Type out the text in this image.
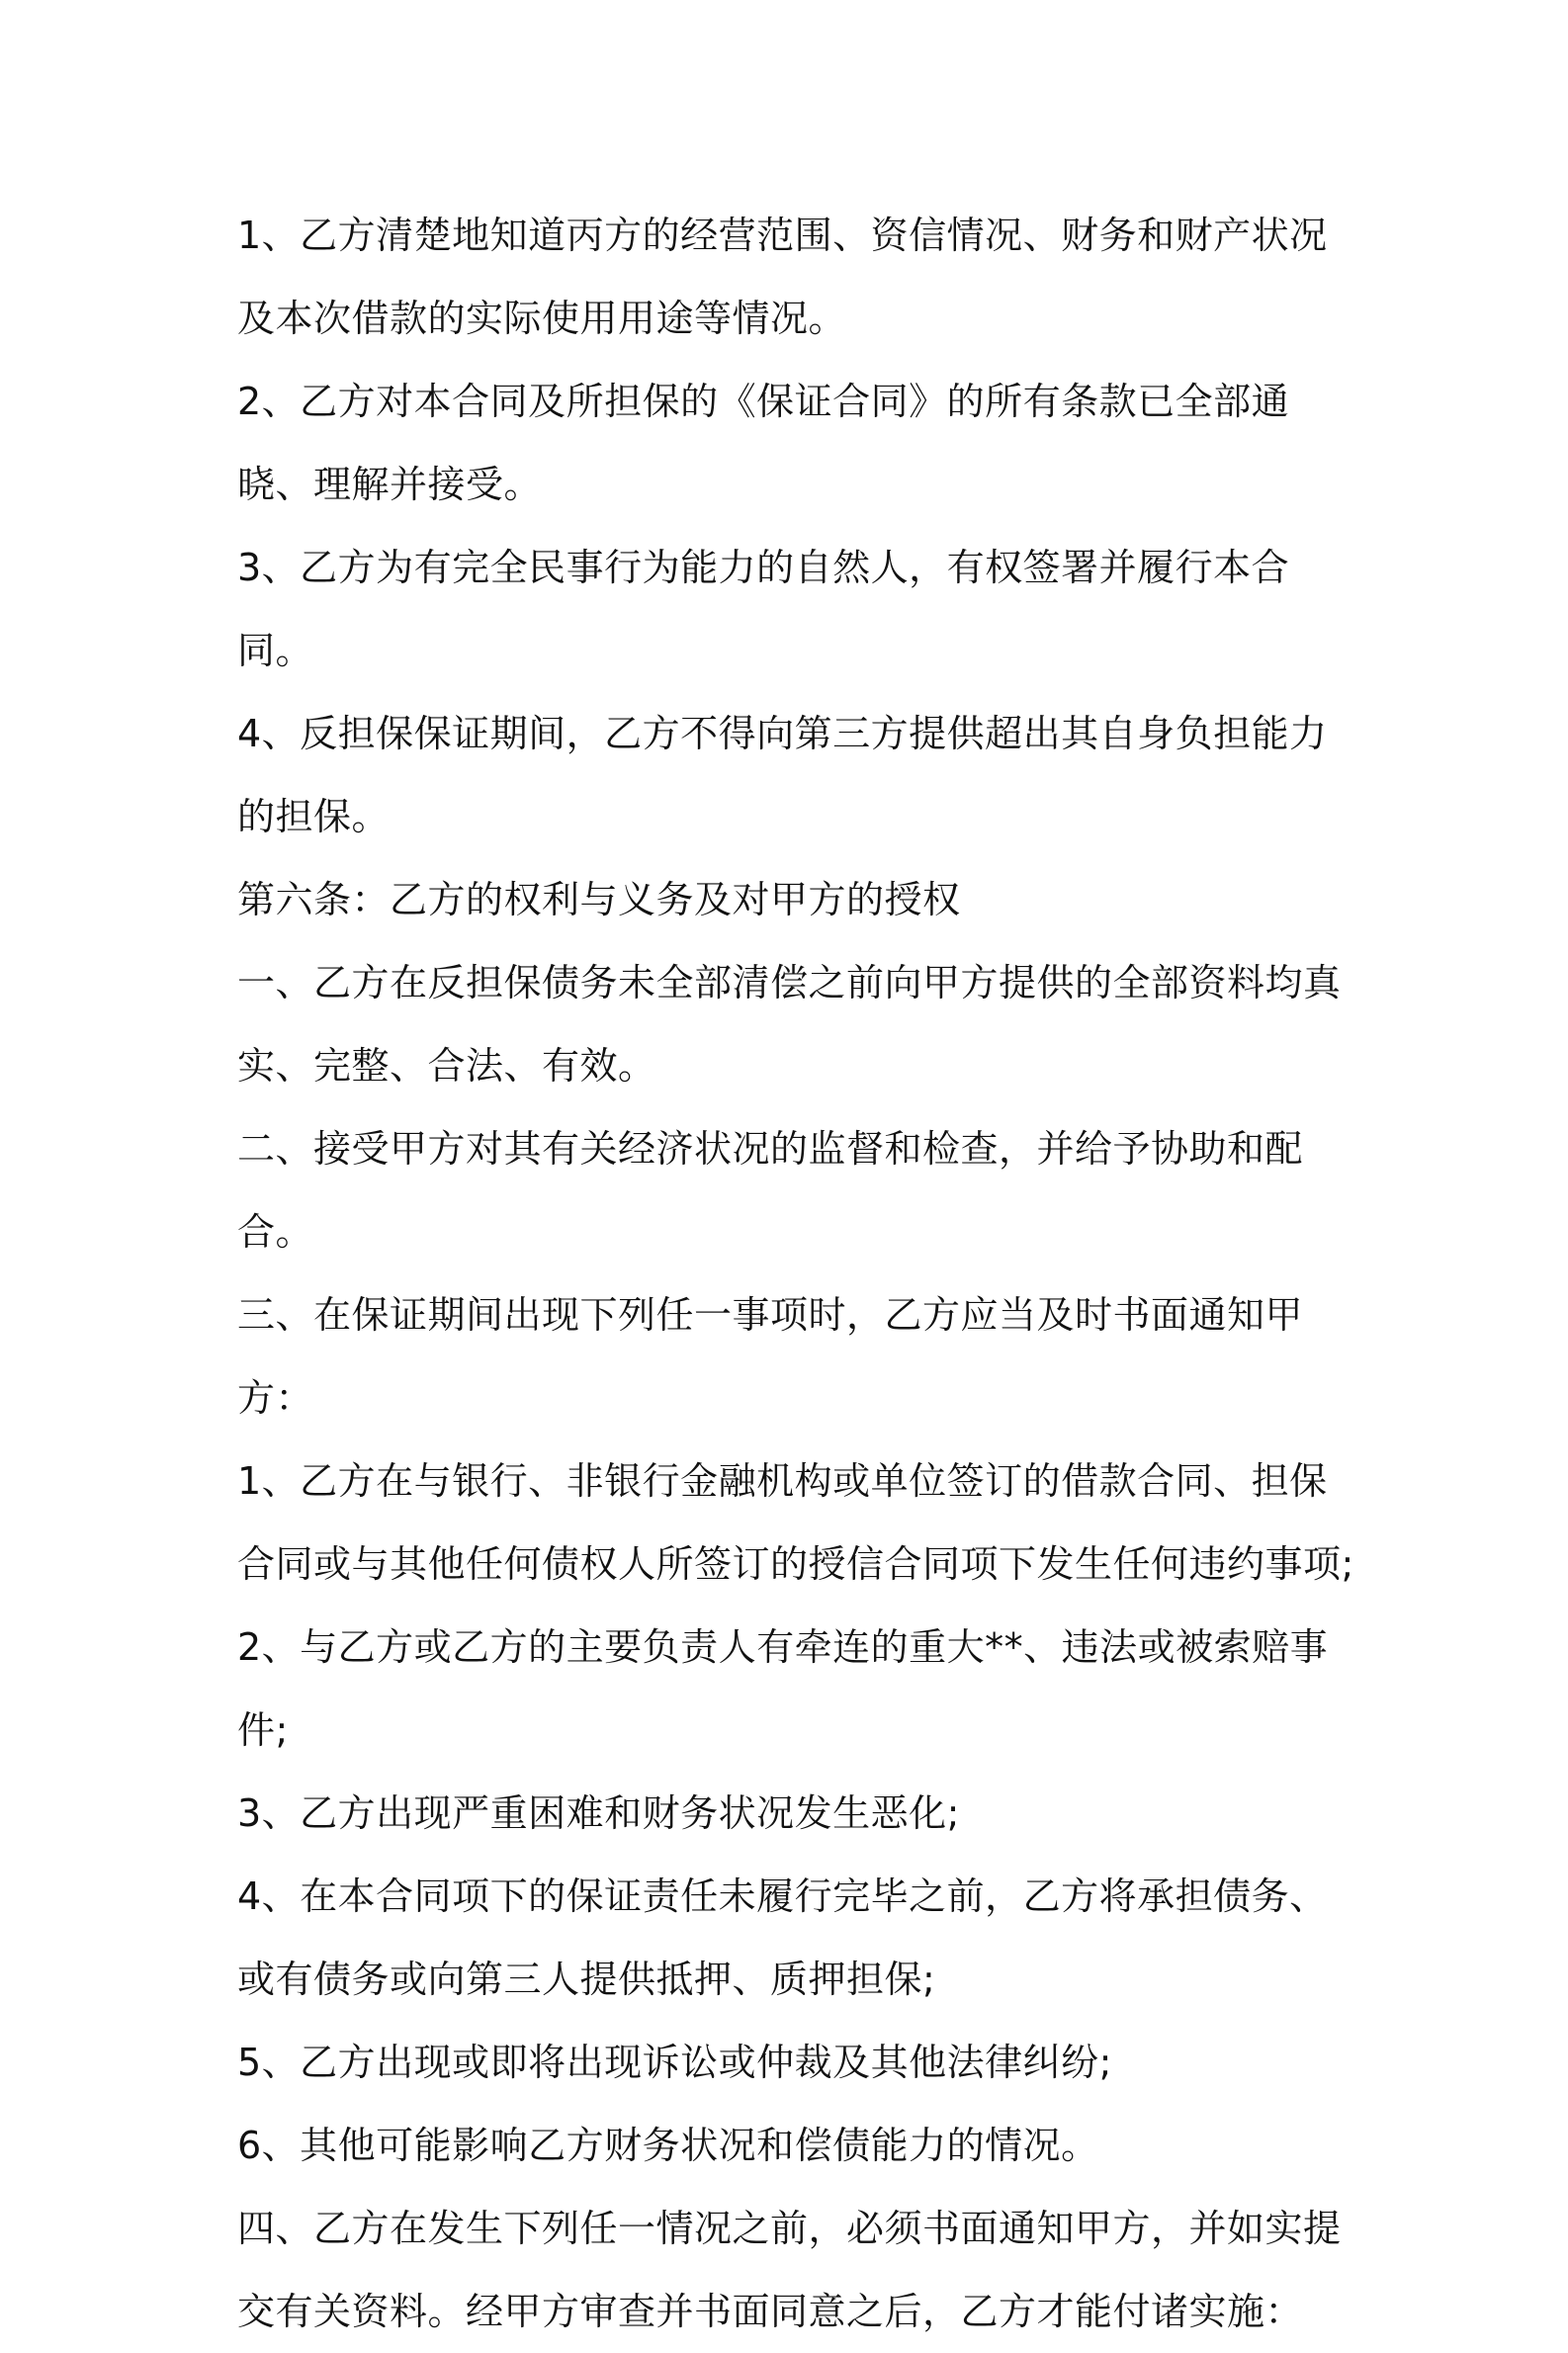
1、乙方清楚地知道丙方的经营范围、资信情况、财务和财产状况及本次借款的实际使用用途等情况。

2、乙方对本合同及所担保的《保证合同》的所有条款已全部通晓、理解并接受。

3、乙方为有完全民事行为能力的自然人，有权签署并履行本合同。

4、反担保保证期间，乙方不得向第三方提供超出其自身负担能力的担保。

第六条：乙方的权利与义务及对甲方的授权

一、乙方在反担保债务未全部清偿之前向甲方提供的全部资料均真实、完整、合法、有效。

二、接受甲方对其有关经济状况的监督和检查，并给予协助和配合。

三、在保证期间出现下列任一事项时，乙方应当及时书面通知甲方：

1、乙方在与银行、非银行金融机构或单位签订的借款合同、担保合同或与其他任何债权人所签订的授信合同项下发生任何违约事项;

2、与乙方或乙方的主要负责人有牵连的重大**、违法或被索赔事件;

3、乙方出现严重困难和财务状况发生恶化;

4、在本合同项下的保证责任未履行完毕之前，乙方将承担债务、或有债务或向第三人提供抵押、质押担保;

5、乙方出现或即将出现诉讼或仲裁及其他法律纠纷;

6、其他可能影响乙方财务状况和偿债能力的情况。

四、乙方在发生下列任一情况之前，必须书面通知甲方，并如实提交有关资料。经甲方审查并书面同意之后，乙方才能付诸实施：
